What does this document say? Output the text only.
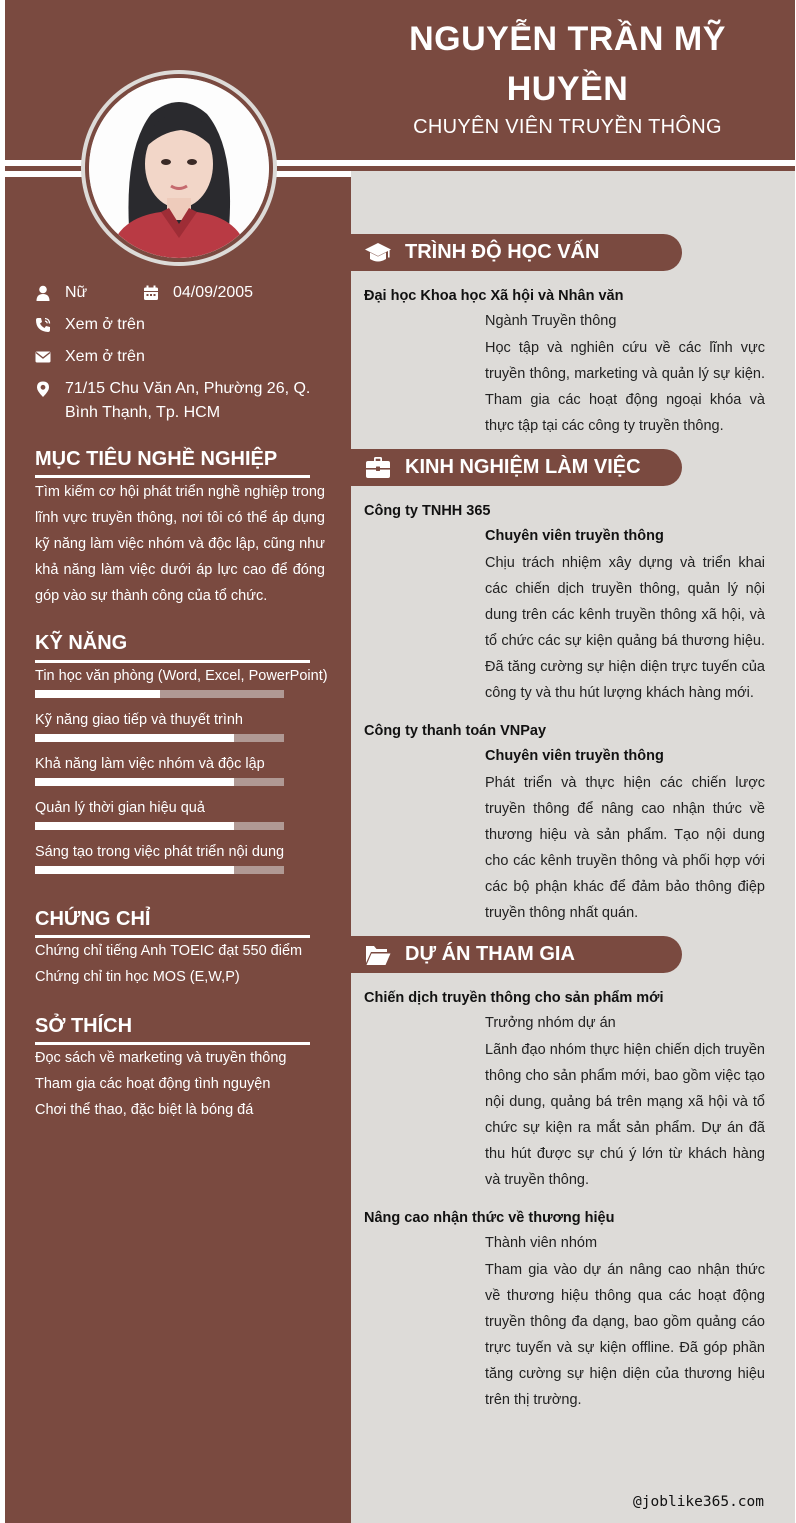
NGUYỄN TRẦN MỸ HUYỀN
CHUYÊN VIÊN TRUYỀN THÔNG
Nữ	04/09/2005
Xem ở trên
Xem ở trên
71/15 Chu Văn An, Phường 26, Q. Bình Thạnh, Tp. HCM
MỤC TIÊU NGHỀ NGHIỆP
Tìm kiếm cơ hội phát triển nghề nghiệp trong lĩnh vực truyền thông, nơi tôi có thể áp dụng kỹ năng làm việc nhóm và độc lập, cũng như khả năng làm việc dưới áp lực cao để đóng góp vào sự thành công của tổ chức.
KỸ NĂNG
Tin học văn phòng (Word, Excel, PowerPoint)
Kỹ năng giao tiếp và thuyết trình
Khả năng làm việc nhóm và độc lập
Quản lý thời gian hiệu quả
Sáng tạo trong việc phát triển nội dung
CHỨNG CHỈ
Chứng chỉ tiếng Anh TOEIC đạt 550 điểm
Chứng chỉ tin học MOS (E,W,P)
SỞ THÍCH
Đọc sách về marketing và truyền thông
Tham gia các hoạt động tình nguyện
Chơi thể thao, đặc biệt là bóng đá
TRÌNH ĐỘ HỌC VẤN
Đại học Khoa học Xã hội và Nhân văn
Ngành Truyền thông
Học tập và nghiên cứu về các lĩnh vực truyền thông, marketing và quản lý sự kiện. Tham gia các hoạt động ngoại khóa và thực tập tại các công ty truyền thông.
KINH NGHIỆM LÀM VIỆC
Công ty TNHH 365
Chuyên viên truyền thông
Chịu trách nhiệm xây dựng và triển khai các chiến dịch truyền thông, quản lý nội dung trên các kênh truyền thông xã hội, và tổ chức các sự kiện quảng bá thương hiệu. Đã tăng cường sự hiện diện trực tuyến của công ty và thu hút lượng khách hàng mới.
Công ty thanh toán VNPay
Chuyên viên truyền thông
Phát triển và thực hiện các chiến lược truyền thông để nâng cao nhận thức về thương hiệu và sản phẩm. Tạo nội dung cho các kênh truyền thông và phối hợp với các bộ phận khác để đảm bảo thông điệp truyền thông nhất quán.
DỰ ÁN THAM GIA
Chiến dịch truyền thông cho sản phẩm mới
Trưởng nhóm dự án
Lãnh đạo nhóm thực hiện chiến dịch truyền thông cho sản phẩm mới, bao gồm việc tạo nội dung, quảng bá trên mạng xã hội và tổ chức sự kiện ra mắt sản phẩm. Dự án đã thu hút được sự chú ý lớn từ khách hàng và truyền thông.
Nâng cao nhận thức về thương hiệu
Thành viên nhóm
Tham gia vào dự án nâng cao nhận thức về thương hiệu thông qua các hoạt động truyền thông đa dạng, bao gồm quảng cáo trực tuyến và sự kiện offline. Đã góp phần tăng cường sự hiện diện của thương hiệu trên thị trường.
@joblike365.com
